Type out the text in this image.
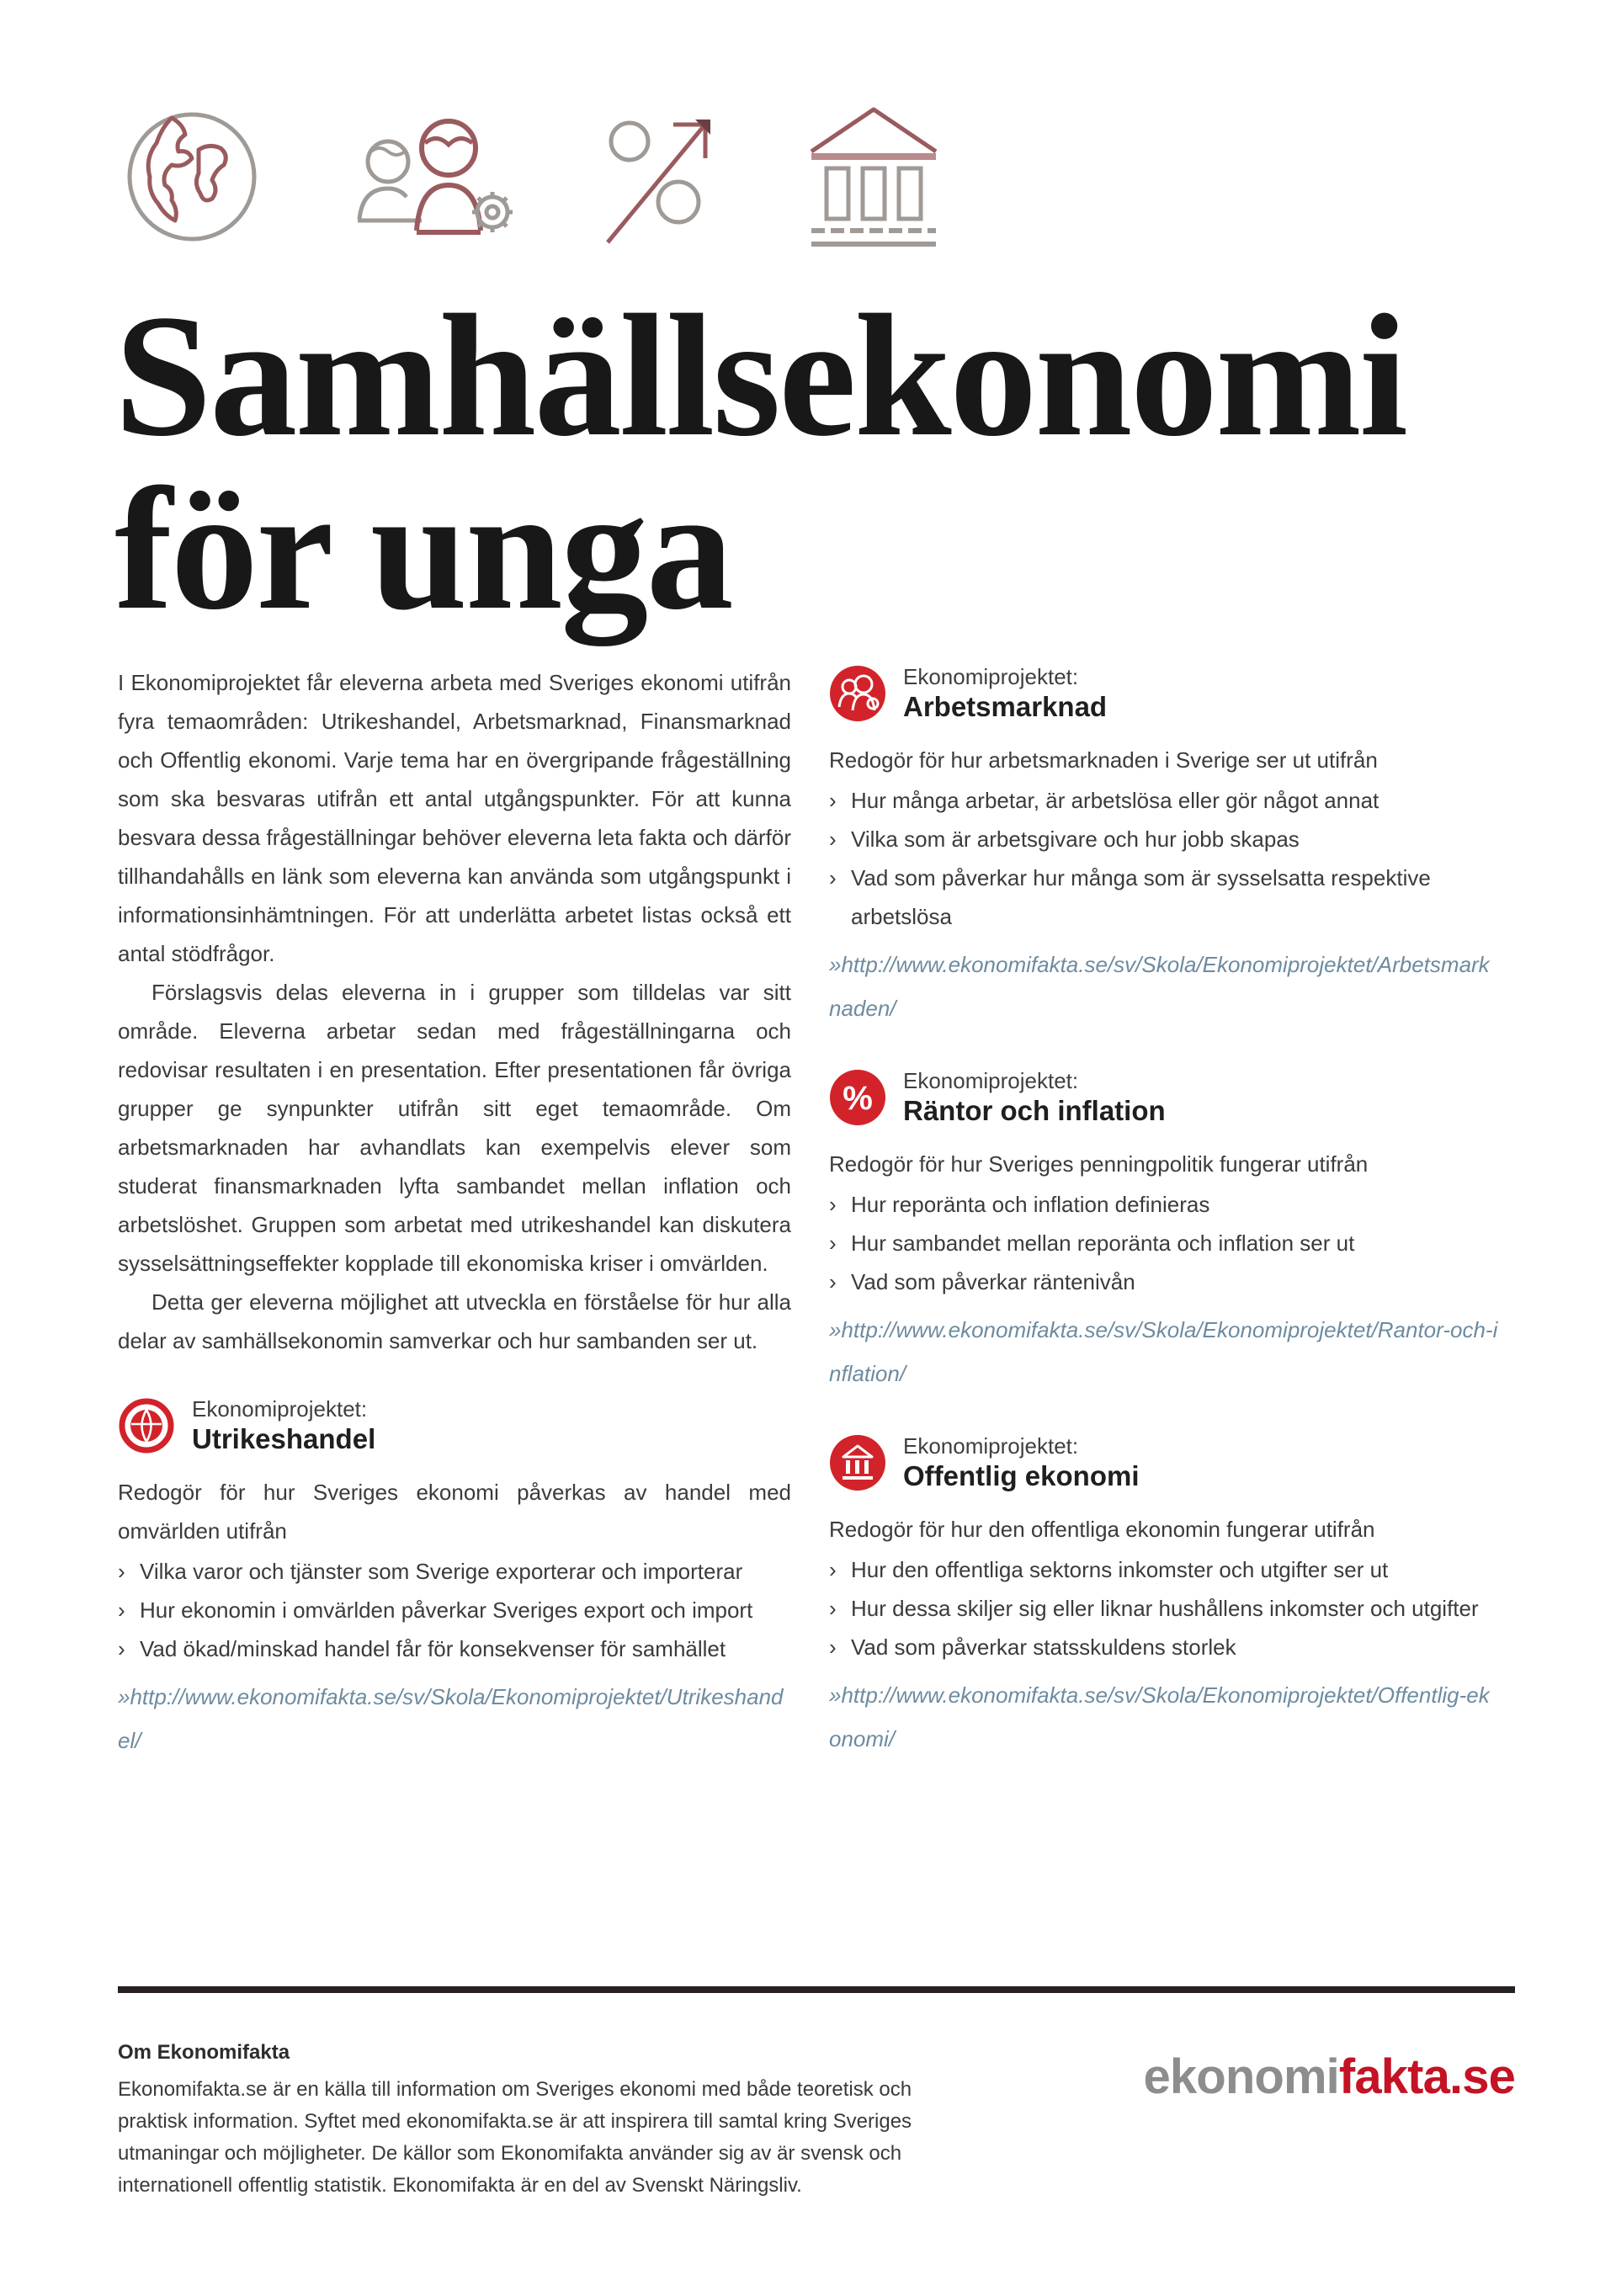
Samhällsekonomi
för unga

I Ekonomiprojektet får eleverna arbeta med Sveriges ekonomi utifrån fyra temaområden: Utrikeshandel, Arbetsmarknad, Finansmarknad och Offentlig ekonomi. Varje tema har en övergripande frågeställning som ska besvaras utifrån ett antal utgångspunkter. För att kunna besvara dessa frågeställningar behöver eleverna leta fakta och därför tillhandahålls en länk som eleverna kan använda som utgångspunkt i informationsinhämtningen. För att underlätta arbetet listas också ett antal stödfrågor.

Förslagsvis delas eleverna in i grupper som tilldelas var sitt område. Eleverna arbetar sedan med frågeställningarna och redovisar resultaten i en presentation. Efter presentationen får övriga grupper ge synpunkter utifrån sitt eget temaområde. Om arbetsmarknaden har avhandlats kan exempelvis elever som studerat finansmarknaden lyfta sambandet mellan inflation och arbetslöshet. Gruppen som arbetat med utrikeshandel kan diskutera sysselsättningseffekter kopplade till ekonomiska kriser i omvärlden.

Detta ger eleverna möjlighet att utveckla en förståelse för hur alla delar av samhällsekonomin samverkar och hur sambanden ser ut.

Ekonomiprojektet:
Utrikeshandel

Redogör för hur Sveriges ekonomi påverkas av handel med omvärlden utifrån

› Vilka varor och tjänster som Sverige exporterar och importerar
› Hur ekonomin i omvärlden påverkar Sveriges export och import
› Vad ökad/minskad handel får för konsekvenser för samhället
»http://www.ekonomifakta.se/sv/Skola/Ekonomiprojektet/Utrikeshandel/
Ekonomiprojektet:
Arbetsmarknad

Redogör för hur arbetsmarknaden i Sverige ser ut utifrån

› Hur många arbetar, är arbetslösa eller gör något annat
› Vilka som är arbetsgivare och hur jobb skapas
› Vad som påverkar hur många som är sysselsatta respektive arbetslösa
»http://www.ekonomifakta.se/sv/Skola/Ekonomiprojektet/Arbetsmarknaden/
% Ekonomiprojektet:
Räntor och inflation

Redogör för hur Sveriges penningpolitik fungerar utifrån

› Hur reporänta och inflation definieras
› Hur sambandet mellan reporänta och inflation ser ut
› Vad som påverkar räntenivån
»http://www.ekonomifakta.se/sv/Skola/Ekonomiprojektet/Rantor-och-inflation/
Ekonomiprojektet:
Offentlig ekonomi

Redogör för hur den offentliga ekonomin fungerar utifrån

› Hur den offentliga sektorns inkomster och utgifter ser ut
› Hur dessa skiljer sig eller liknar hushållens inkomster och utgifter
› Vad som påverkar statsskuldens storlek
»http://www.ekonomifakta.se/sv/Skola/Ekonomiprojektet/Offentlig-ekonomi/
Om Ekonomifakta

Ekonomifakta.se är en källa till information om Sveriges ekonomi med både teoretisk och praktisk information. Syftet med ekonomifakta.se är att inspirera till samtal kring Sveriges utmaningar och möjligheter. De källor som Ekonomifakta använder sig av är svensk och internationell offentlig statistik. Ekonomifakta är en del av Svenskt Näringsliv.

ekonomifakta.se
